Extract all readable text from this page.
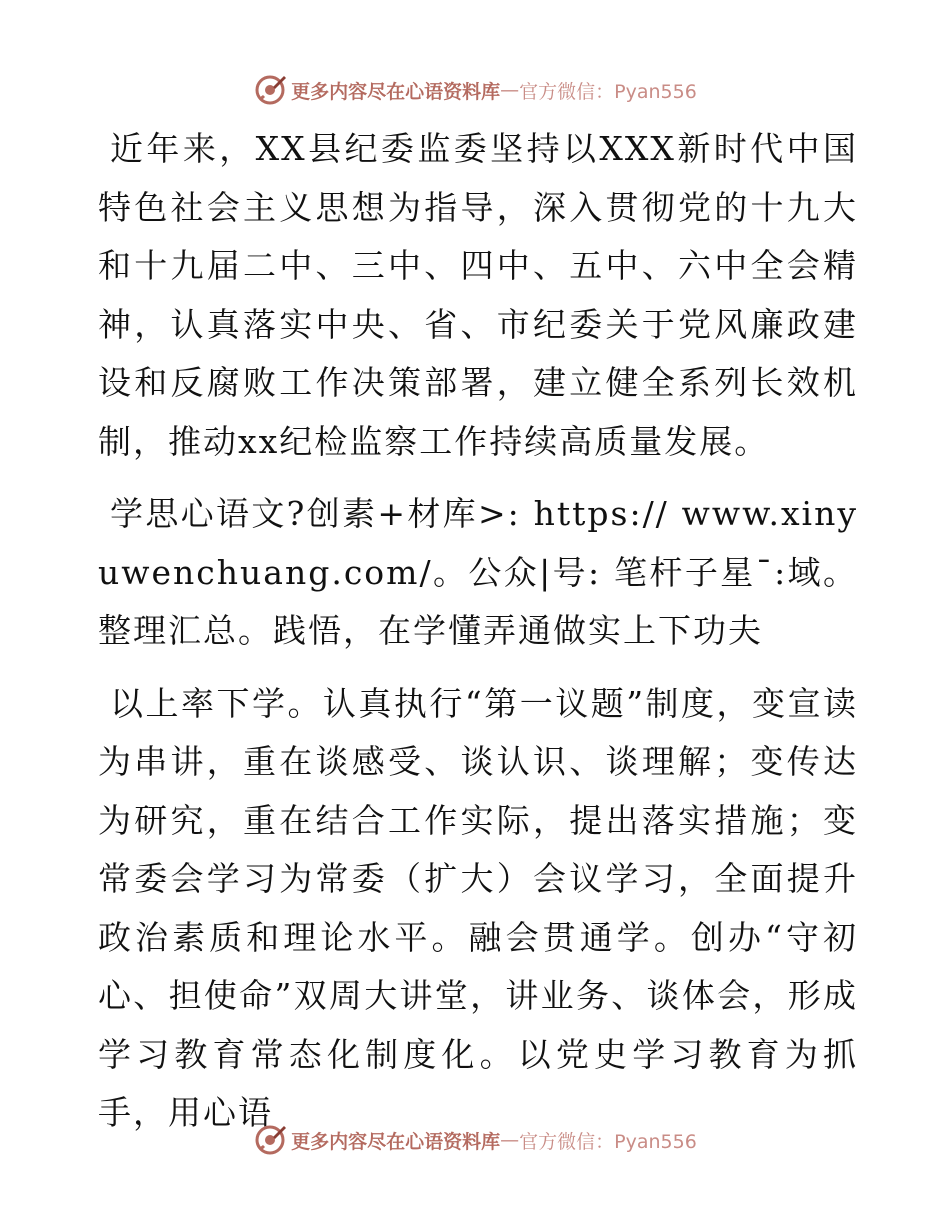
更多内容尽在心语资料库 — 官方微信：Pyan556

近年来，XX县纪委监委坚持以XXX新时代中国特色社会主义思想为指导，深入贯彻党的十九大和十九届二中、三中、四中、五中、六中全会精神，认真落实中央、省、市纪委关于党风廉政建设和反腐败工作决策部署，建立健全系列长效机制，推动xx纪检监察工作持续高质量发展。

学思心语文?创素+材库>: https:// www.xinyuwenchuang.com/。公众|号: 笔杆子星¯:域。整理汇总。践悟，在学懂弄通做实上下功夫

以上率下学。认真执行“第一议题”制度，变宣读为串讲，重在谈感受、谈认识、谈理解；变传达为研究，重在结合工作实际，提出落实措施；变常委会学习为常委（扩大）会议学习，全面提升政治素质和理论水平。融会贯通学。创办“守初心、担使命”双周大讲堂，讲业务、谈体会，形成学习教育常态化制度化。以党史学习教育为抓手，用心语

更多内容尽在心语资料库 — 官方微信：Pyan556
